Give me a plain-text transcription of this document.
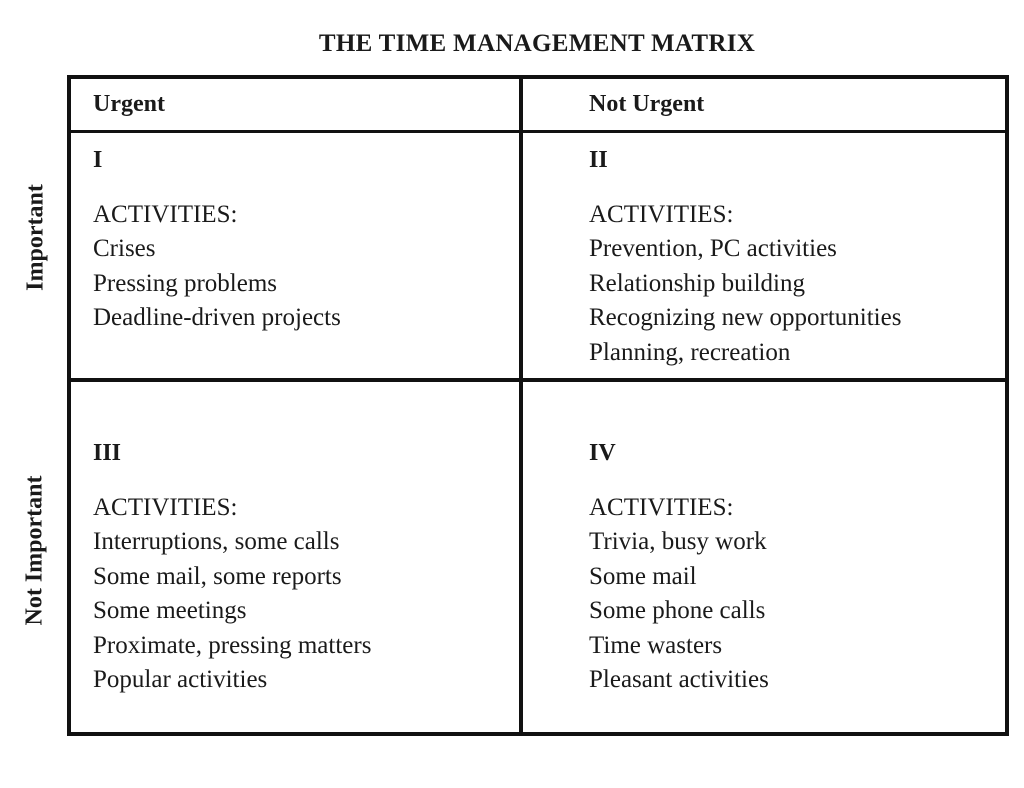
THE TIME MANAGEMENT MATRIX
Important
Not Important
Urgent	Not Urgent
I
ACTIVITIES:
Crises
Pressing problems
Deadline-driven projects
II
ACTIVITIES:
Prevention, PC activities
Relationship building
Recognizing new opportunities
Planning, recreation
III
ACTIVITIES:
Interruptions, some calls
Some mail, some reports
Some meetings
Proximate, pressing matters
Popular activities
IV
ACTIVITIES:
Trivia, busy work
Some mail
Some phone calls
Time wasters
Pleasant activities
